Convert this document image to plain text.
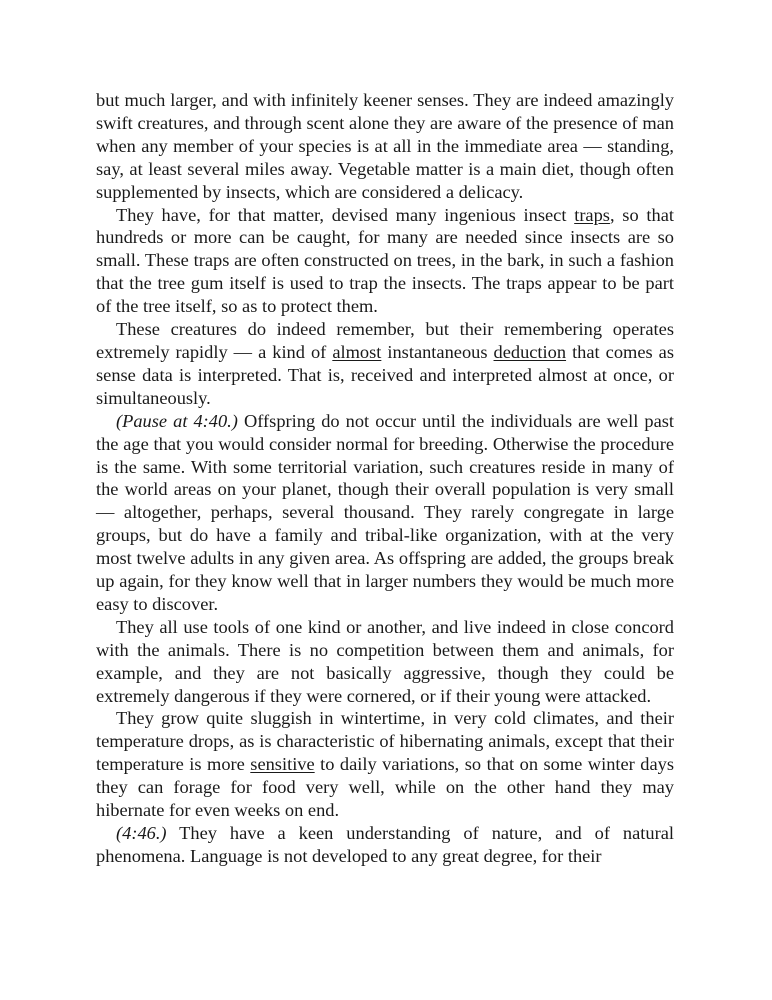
but much larger, and with infinitely keener senses. They are indeed amazingly swift creatures, and through scent alone they are aware of the presence of man when any member of your species is at all in the immediate area — standing, say, at least several miles away. Vegetable matter is a main diet, though often supplemented by insects, which are considered a delicacy.

They have, for that matter, devised many ingenious insect traps, so that hundreds or more can be caught, for many are needed since insects are so small. These traps are often constructed on trees, in the bark, in such a fashion that the tree gum itself is used to trap the insects. The traps appear to be part of the tree itself, so as to protect them.

These creatures do indeed remember, but their remembering operates extremely rapidly — a kind of almost instantaneous deduction that comes as sense data is interpreted. That is, received and interpreted almost at once, or simultaneously.

(Pause at 4:40.) Offspring do not occur until the individuals are well past the age that you would consider normal for breeding. Otherwise the procedure is the same. With some territorial variation, such creatures reside in many of the world areas on your planet, though their overall population is very small — altogether, perhaps, several thousand. They rarely congregate in large groups, but do have a family and tribal-like organization, with at the very most twelve adults in any given area. As offspring are added, the groups break up again, for they know well that in larger numbers they would be much more easy to discover.

They all use tools of one kind or another, and live indeed in close concord with the animals. There is no competition between them and animals, for example, and they are not basically aggressive, though they could be extremely dangerous if they were cornered, or if their young were attacked.

They grow quite sluggish in wintertime, in very cold climates, and their temperature drops, as is characteristic of hibernating animals, except that their temperature is more sensitive to daily variations, so that on some winter days they can forage for food very well, while on the other hand they may hibernate for even weeks on end.

(4:46.) They have a keen understanding of nature, and of natural phenomena. Language is not developed to any great degree, for their
